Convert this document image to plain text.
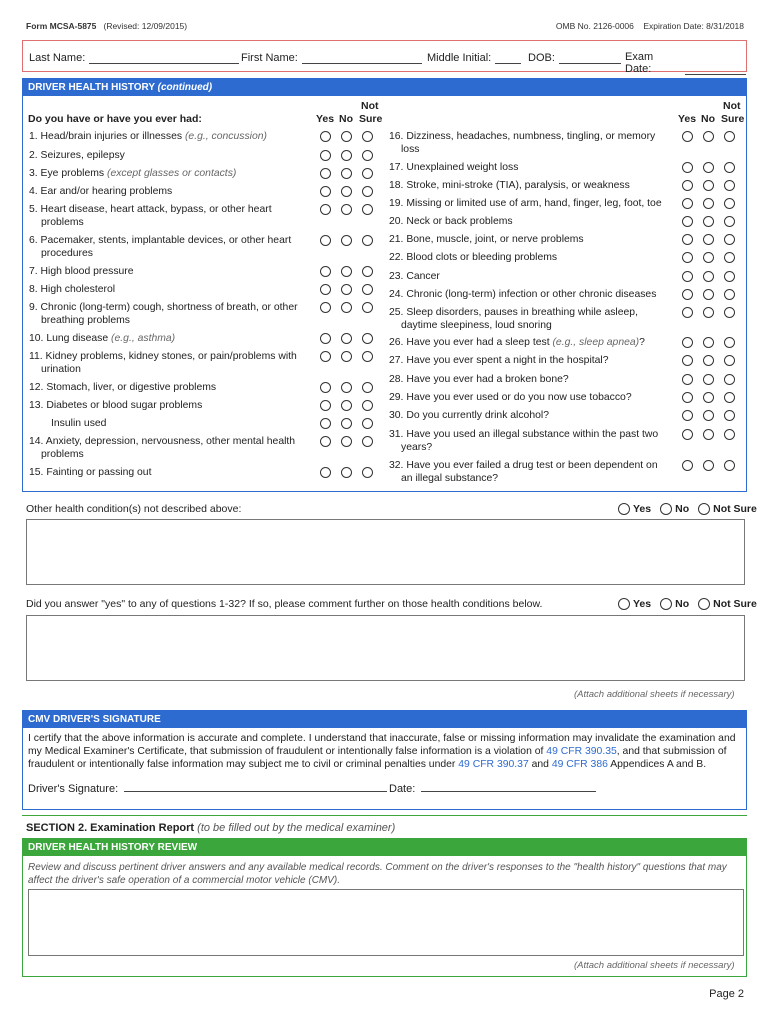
Form MCSA-5875 (Revised: 12/09/2015)	OMB No. 2126-0006 Expiration Date: 8/31/2018
Last Name:	First Name:	Middle Initial:	DOB:	Exam Date:
DRIVER HEALTH HISTORY (continued)
Do you have or have you ever had:	Yes No
Not
Sure	Yes No
Not
Sure
1. Head/brain injuries or illnesses (e.g., concussion)
2. Seizures, epilepsy
3. Eye problems (except glasses or contacts)
4. Ear and/or hearing problems
5. Heart disease, heart attack, bypass, or other heart
problems
6. Pacemaker, stents, implantable devices, or other heart
procedures
7. High blood pressure
8. High cholesterol
9. Chronic (long-term) cough, shortness of breath, or other
breathing problems
10. Lung disease (e.g., asthma)
11. Kidney problems, kidney stones, or pain/problems with
urination
12. Stomach, liver, or digestive problems
13. Diabetes or blood sugar problems
Insulin used
14. Anxiety, depression, nervousness, other mental health
problems
15. Fainting or passing out
16. Dizziness, headaches, numbness, tingling, or memory
loss
17. Unexplained weight loss
18. Stroke, mini-stroke (TIA), paralysis, or weakness
19. Missing or limited use of arm, hand, finger, leg, foot, toe
20. Neck or back problems
21. Bone, muscle, joint, or nerve problems
22. Blood clots or bleeding problems
23. Cancer
24. Chronic (long-term) infection or other chronic diseases
25. Sleep disorders, pauses in breathing while asleep,
daytime sleepiness, loud snoring
26. Have you ever had a sleep test (e.g., sleep apnea)?
27. Have you ever spent a night in the hospital?
28. Have you ever had a broken bone?
29. Have you ever used or do you now use tobacco?
30. Do you currently drink alcohol?
31. Have you used an illegal substance within the past two
years?
32. Have you ever failed a drug test or been dependent on
an illegal substance?
Other health condition(s) not described above:	Yes No Not Sure
Did you answer "yes" to any of questions 1-32? If so, please comment further on those health conditions below.	Yes No Not Sure
(Attach additional sheets if necessary)
CMV DRIVER'S SIGNATURE
I certify that the above information is accurate and complete. I understand that inaccurate, false or missing information may invalidate the examination and my Medical Examiner's Certificate, that submission of fraudulent or intentionally false information is a violation of 49 CFR 390.35, and that submission of fraudulent or intentionally false information may subject me to civil or criminal penalties under 49 CFR 390.37 and 49 CFR 386 Appendices A and B.
Driver's Signature:	Date:
SECTION 2. Examination Report (to be filled out by the medical examiner)
DRIVER HEALTH HISTORY REVIEW
Review and discuss pertinent driver answers and any available medical records. Comment on the driver's responses to the "health history" questions that may affect the driver's safe operation of a commercial motor vehicle (CMV).
(Attach additional sheets if necessary)
Page 2
